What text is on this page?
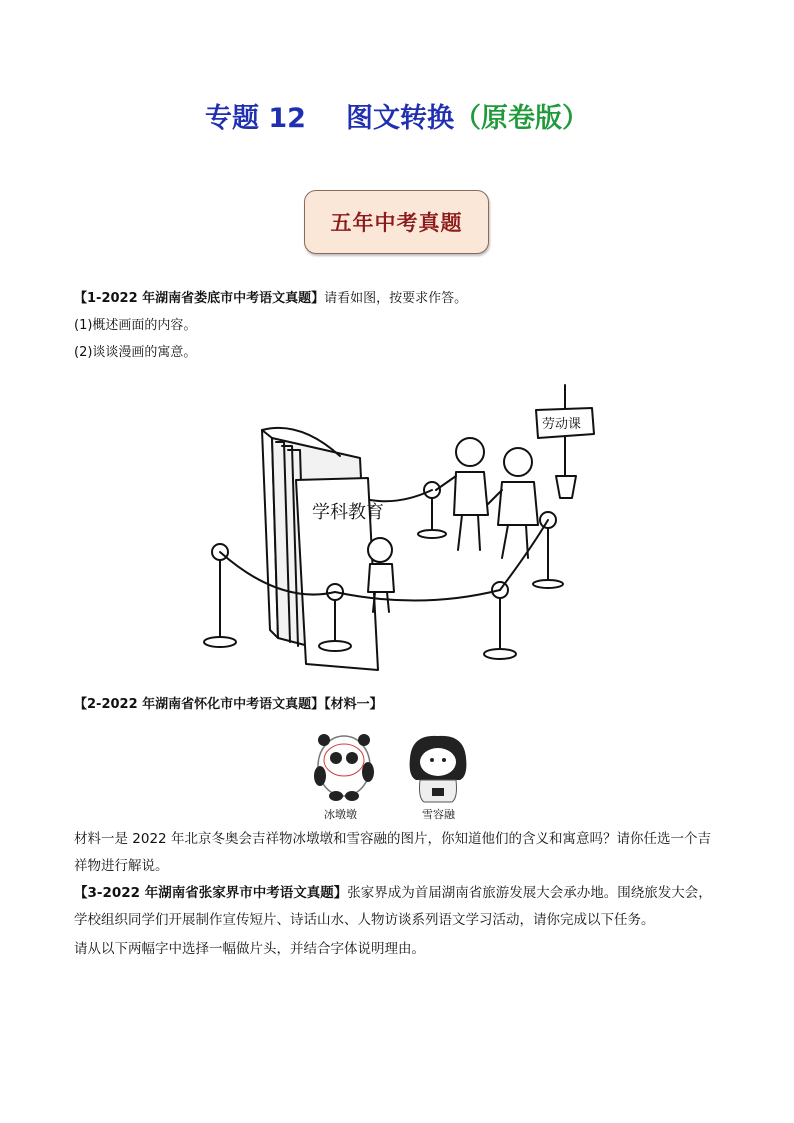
专题 12 图文转换（原卷版）
五年中考真题
【1-2022 年湖南省娄底市中考语文真题】请看如图，按要求作答。
(1)概述画面的内容。
(2)谈谈漫画的寓意。
学科教育
劳动课
【2-2022 年湖南省怀化市中考语文真题】【材料一】
冰墩墩	雪容融
材料一是 2022 年北京冬奥会吉祥物冰墩墩和雪容融的图片，你知道他们的含义和寓意吗？请你任选一个吉祥物进行解说。
【3-2022 年湖南省张家界市中考语文真题】张家界成为首届湖南省旅游发展大会承办地。围绕旅发大会，学校组织同学们开展制作宣传短片、诗话山水、人物访谈系列语文学习活动，请你完成以下任务。
请从以下两幅字中选择一幅做片头，并结合字体说明理由。
